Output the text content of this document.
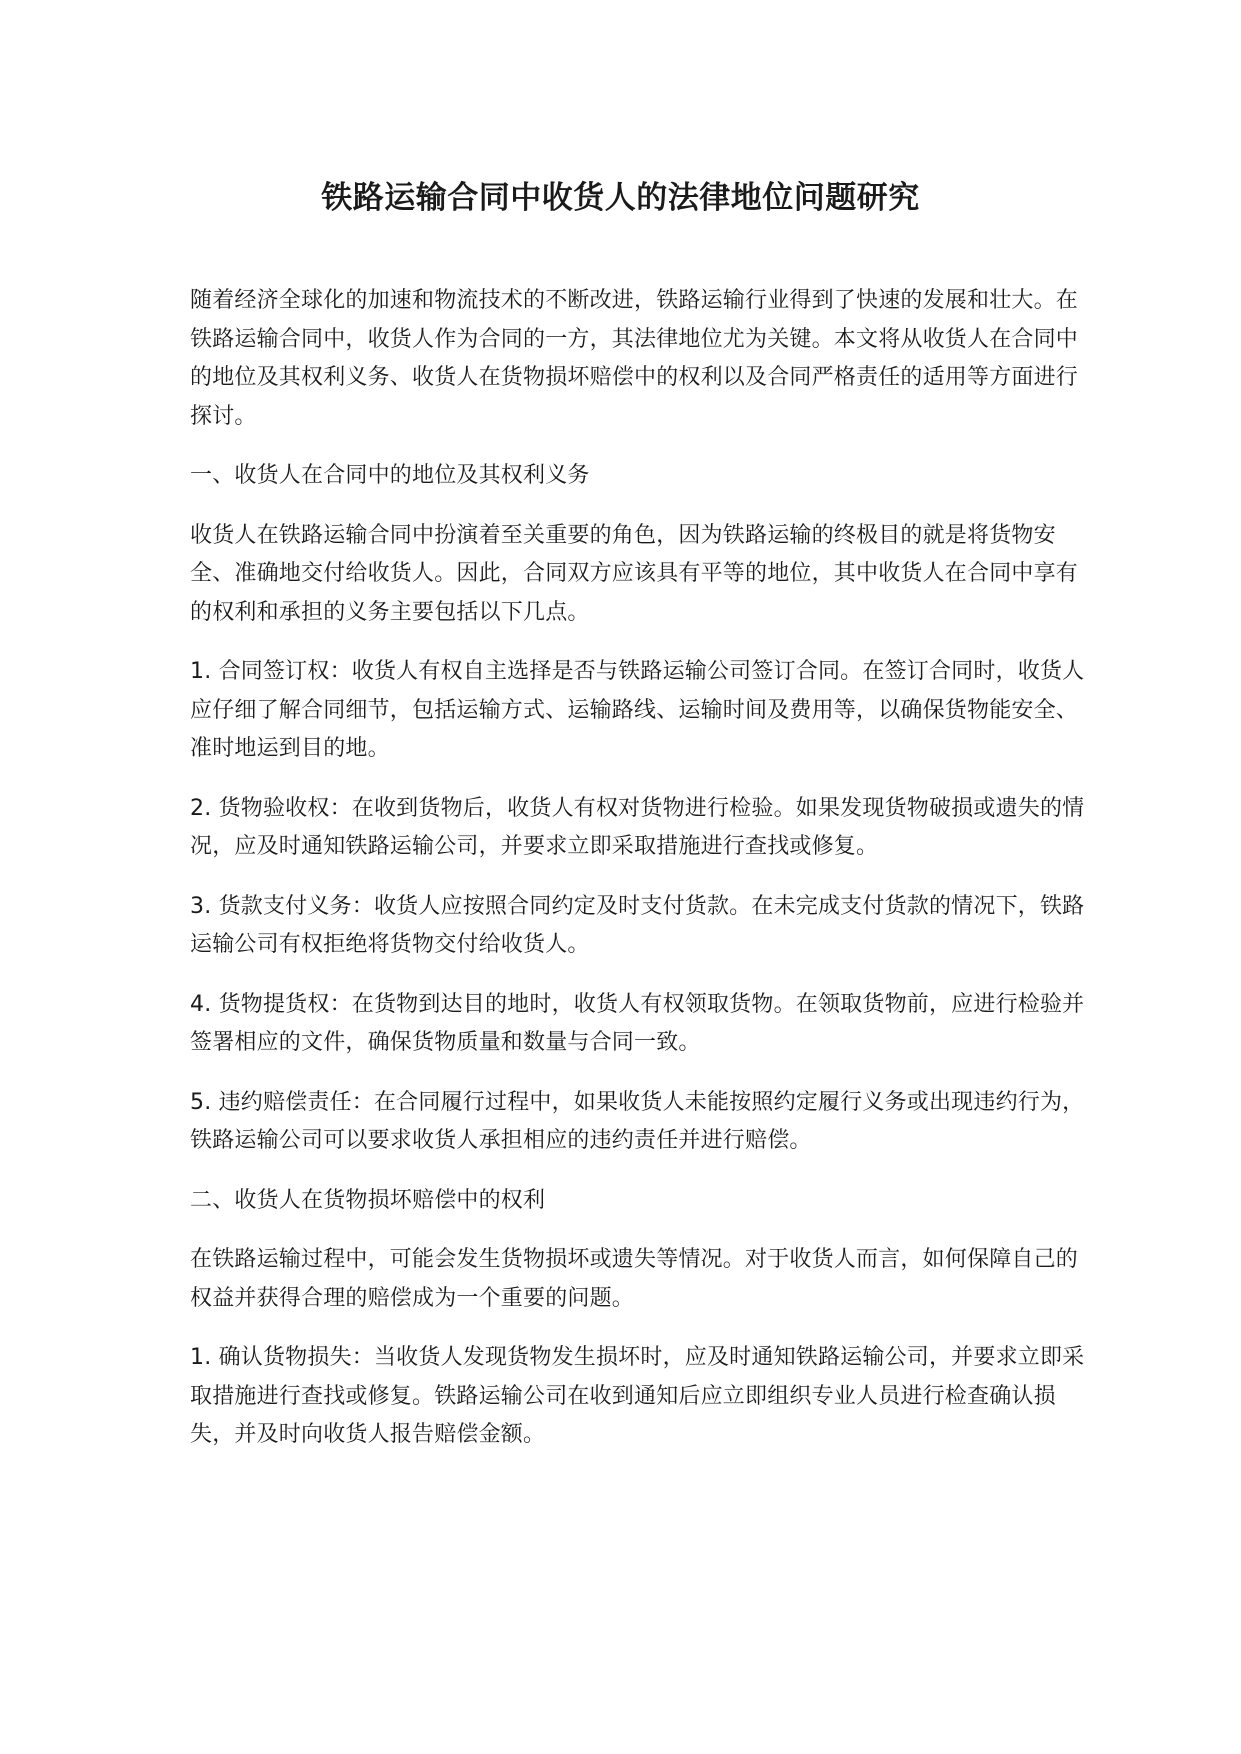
铁路运输合同中收货人的法律地位问题研究

随着经济全球化的加速和物流技术的不断改进，铁路运输行业得到了快速的发展和壮大。在铁路运输合同中，收货人作为合同的一方，其法律地位尤为关键。本文将从收货人在合同中的地位及其权利义务、收货人在货物损坏赔偿中的权利以及合同严格责任的适用等方面进行探讨。

一、收货人在合同中的地位及其权利义务

收货人在铁路运输合同中扮演着至关重要的角色，因为铁路运输的终极目的就是将货物安全、准确地交付给收货人。因此，合同双方应该具有平等的地位，其中收货人在合同中享有的权利和承担的义务主要包括以下几点。

1. 合同签订权：收货人有权自主选择是否与铁路运输公司签订合同。在签订合同时，收货人应仔细了解合同细节，包括运输方式、运输路线、运输时间及费用等，以确保货物能安全、准时地运到目的地。

2. 货物验收权：在收到货物后，收货人有权对货物进行检验。如果发现货物破损或遗失的情况，应及时通知铁路运输公司，并要求立即采取措施进行查找或修复。

3. 货款支付义务：收货人应按照合同约定及时支付货款。在未完成支付货款的情况下，铁路运输公司有权拒绝将货物交付给收货人。

4. 货物提货权：在货物到达目的地时，收货人有权领取货物。在领取货物前，应进行检验并签署相应的文件，确保货物质量和数量与合同一致。

5. 违约赔偿责任：在合同履行过程中，如果收货人未能按照约定履行义务或出现违约行为，铁路运输公司可以要求收货人承担相应的违约责任并进行赔偿。

二、收货人在货物损坏赔偿中的权利

在铁路运输过程中，可能会发生货物损坏或遗失等情况。对于收货人而言，如何保障自己的权益并获得合理的赔偿成为一个重要的问题。

1. 确认货物损失：当收货人发现货物发生损坏时，应及时通知铁路运输公司，并要求立即采取措施进行查找或修复。铁路运输公司在收到通知后应立即组织专业人员进行检查确认损失，并及时向收货人报告赔偿金额。
